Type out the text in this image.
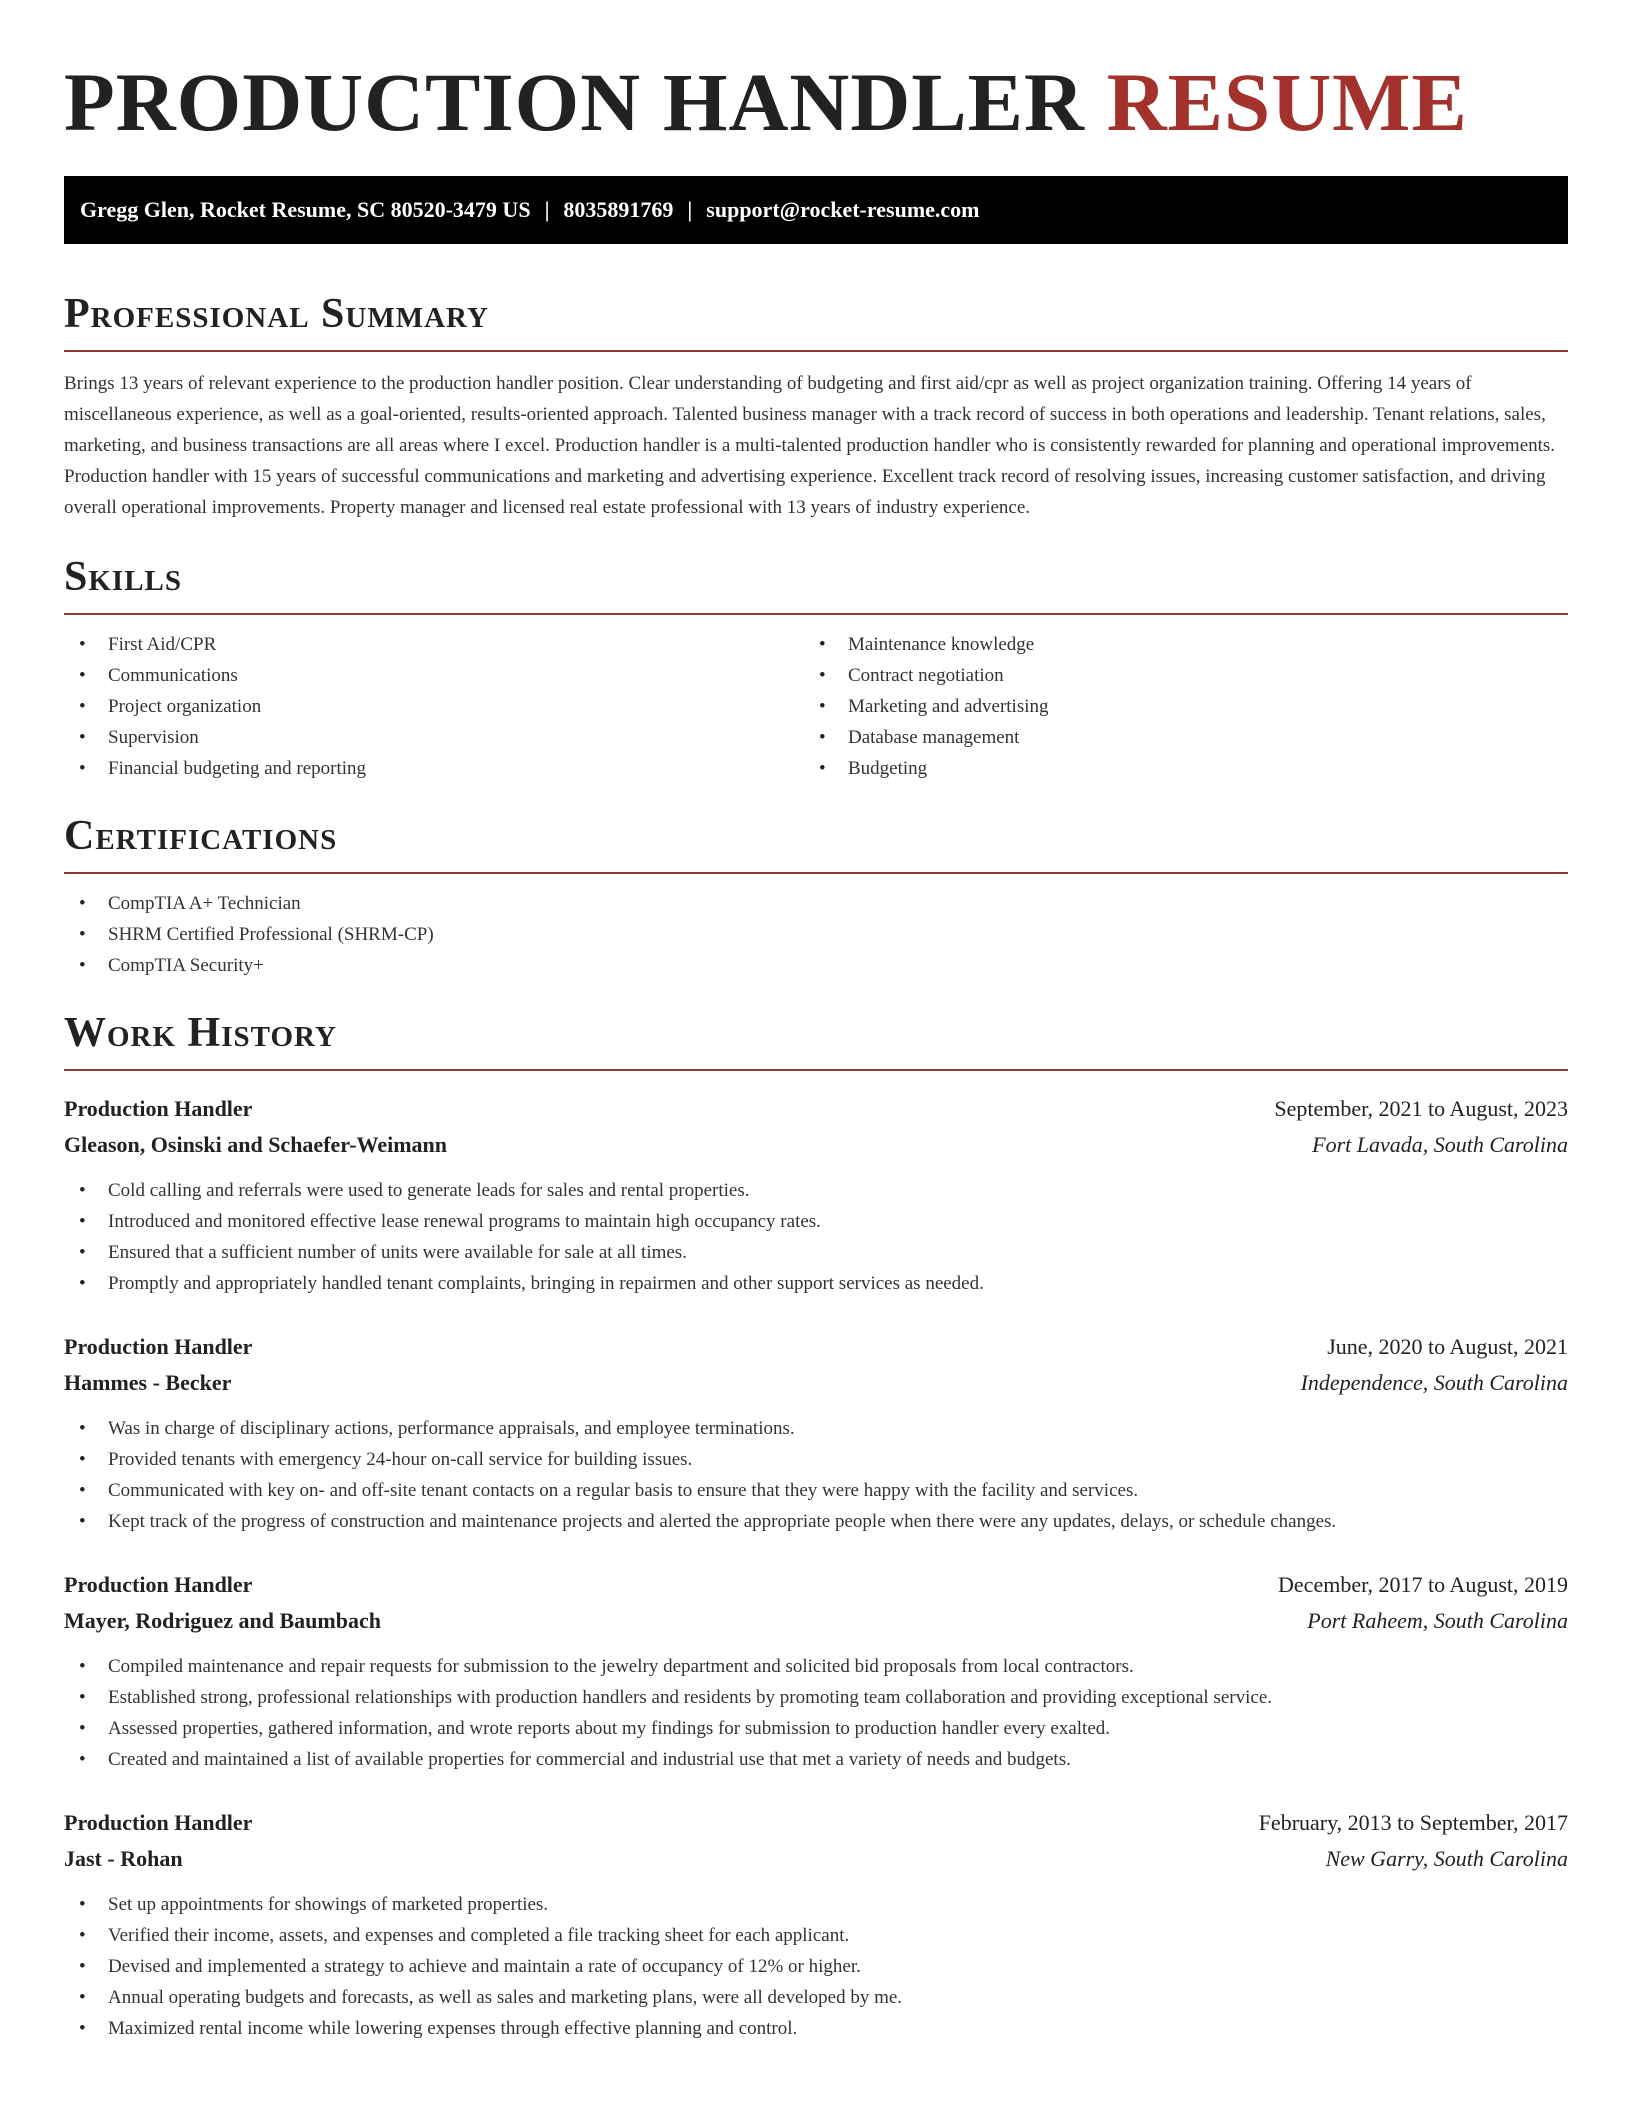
PRODUCTION HANDLER RESUME
Gregg Glen, Rocket Resume, SC 80520-3479 US | 8035891769 | support@rocket-resume.com
Professional Summary

Brings 13 years of relevant experience to the production handler position. Clear understanding of budgeting and first aid/cpr as well as project organization training. Offering 14 years of miscellaneous experience, as well as a goal-oriented, results-oriented approach. Talented business manager with a track record of success in both operations and leadership. Tenant relations, sales, marketing, and business transactions are all areas where I excel. Production handler is a multi-talented production handler who is consistently rewarded for planning and operational improvements. Production handler with 15 years of successful communications and marketing and advertising experience. Excellent track record of resolving issues, increasing customer satisfaction, and driving overall operational improvements. Property manager and licensed real estate professional with 13 years of industry experience.

Skills
• First Aid/CPR
• Communications
• Project organization
• Supervision
• Financial budgeting and reporting
• Maintenance knowledge
• Contract negotiation
• Marketing and advertising
• Database management
• Budgeting
Certifications
• CompTIA A+ Technician
• SHRM Certified Professional (SHRM-CP)
• CompTIA Security+
Work History
Production Handler	September, 2021 to August, 2023
Gleason, Osinski and Schaefer-Weimann	Fort Lavada, South Carolina
• Cold calling and referrals were used to generate leads for sales and rental properties.
• Introduced and monitored effective lease renewal programs to maintain high occupancy rates.
• Ensured that a sufficient number of units were available for sale at all times.
• Promptly and appropriately handled tenant complaints, bringing in repairmen and other support services as needed.
Production Handler	June, 2020 to August, 2021
Hammes - Becker	Independence, South Carolina
• Was in charge of disciplinary actions, performance appraisals, and employee terminations.
• Provided tenants with emergency 24-hour on-call service for building issues.
• Communicated with key on- and off-site tenant contacts on a regular basis to ensure that they were happy with the facility and services.
• Kept track of the progress of construction and maintenance projects and alerted the appropriate people when there were any updates, delays, or schedule changes.
Production Handler	December, 2017 to August, 2019
Mayer, Rodriguez and Baumbach	Port Raheem, South Carolina
• Compiled maintenance and repair requests for submission to the jewelry department and solicited bid proposals from local contractors.
• Established strong, professional relationships with production handlers and residents by promoting team collaboration and providing exceptional service.
• Assessed properties, gathered information, and wrote reports about my findings for submission to production handler every exalted.
• Created and maintained a list of available properties for commercial and industrial use that met a variety of needs and budgets.
Production Handler	February, 2013 to September, 2017
Jast - Rohan	New Garry, South Carolina
• Set up appointments for showings of marketed properties.
• Verified their income, assets, and expenses and completed a file tracking sheet for each applicant.
• Devised and implemented a strategy to achieve and maintain a rate of occupancy of 12% or higher.
• Annual operating budgets and forecasts, as well as sales and marketing plans, were all developed by me.
• Maximized rental income while lowering expenses through effective planning and control.
